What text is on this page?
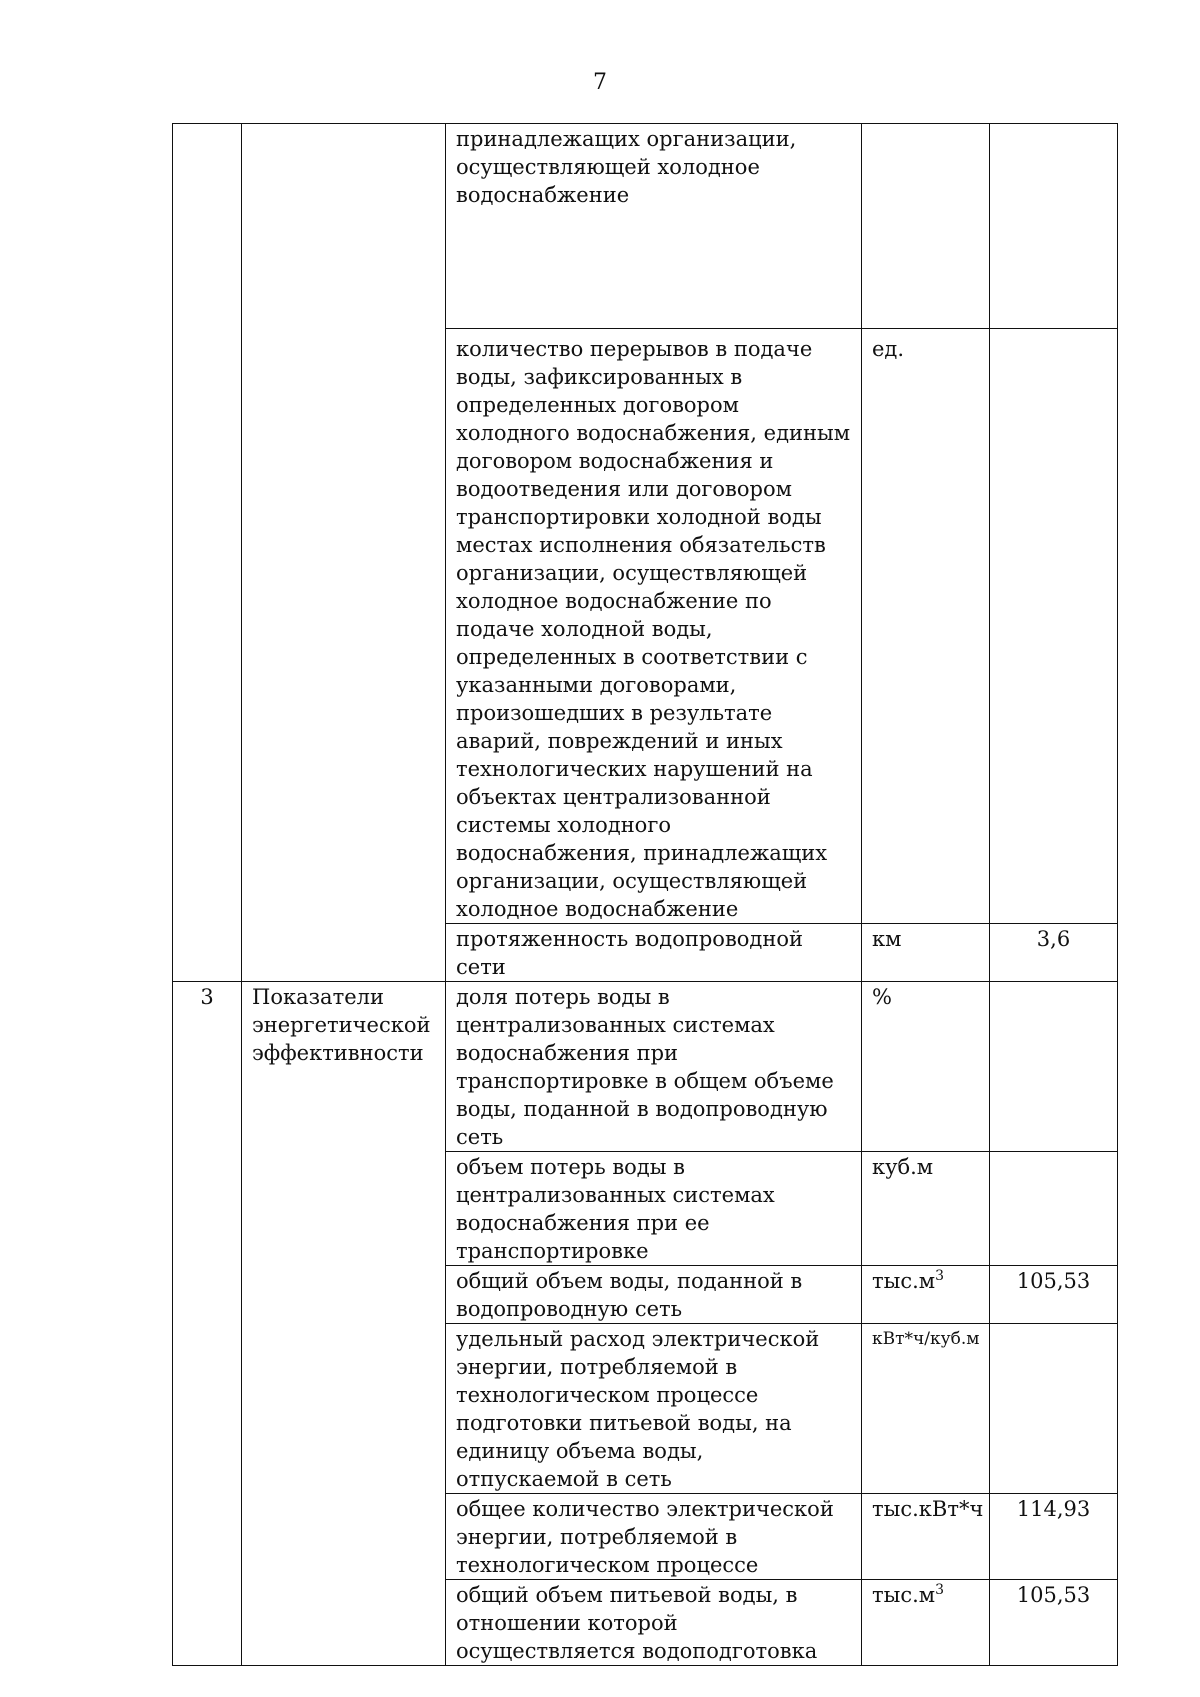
7
		принадлежащих организации,
осуществляющей холодное
водоснабжение		
		количество перерывов в подаче воды, зафиксированных в определенных договором холодного водоснабжения, единым договором водоснабжения и водоотведения или договором транспортировки холодной воды местах исполнения обязательств организации, осуществляющей холодное водоснабжение по подаче холодной воды, определенных в соответствии с указанными договорами, произошедших в результате аварий, повреждений и иных технологических нарушений на объектах централизованной системы холодного водоснабжения, принадлежащих организации, осуществляющей холодное водоснабжение	ед.	
		протяженность водопроводной сети	км	3,6
3	Показатели энергетической эффективности	доля потерь воды в централизованных системах водоснабжения при транспортировке в общем объеме воды, поданной в водопроводную сеть	%	
		объем потерь воды в централизованных системах водоснабжения при ее транспортировке	куб.м	
		общий объем воды, поданной в водопроводную сеть	$тыс.м^3$	105,53
		удельный расход электрической энергии, потребляемой в технологическом процессе подготовки питьевой воды, на единицу объема воды, отпускаемой в сеть	кВт*ч/куб.м	
		общее количество электрической энергии, потребляемой в технологическом процессе	тыс.кВт*ч	114,93
		общий объем питьевой воды, в отношении которой осуществляется водоподготовка	$тыс.м^3$	105,53
